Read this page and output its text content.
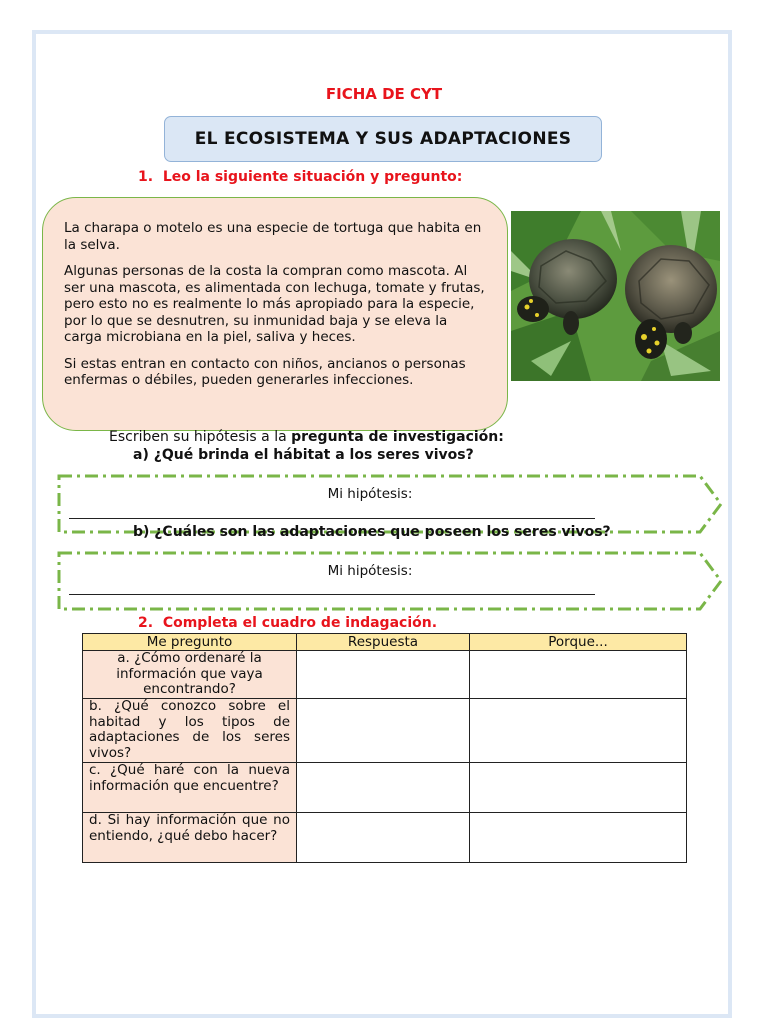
FICHA DE CYT
EL ECOSISTEMA Y SUS ADAPTACIONES
1. Leo la siguiente situación y pregunto:

La charapa o motelo es una especie de tortuga que habita en la selva.

Algunas personas de la costa la compran como mascota. Al ser una mascota, es alimentada con lechuga, tomate y frutas, pero esto no es realmente lo más apropiado para la especie, por lo que se desnutren, su inmunidad baja y se eleva la carga microbiana en la piel, saliva y heces.

Si estas entran en contacto con niños, ancianos o personas enfermas o débiles, pueden generarles infecciones.

Escriben su hipótesis a la pregunta de investigación:
a) ¿Qué brinda el hábitat a los seres vivos?
Mi hipótesis:
b) ¿Cuáles son las adaptaciones que poseen los seres vivos?
Mi hipótesis:
2. Completa el cuadro de indagación.
Me pregunto	Respuesta	Porque...
a. ¿Cómo ordenaré la información que vaya encontrando?		
b. ¿Qué conozco sobre el habitad y los tipos de adaptaciones de los seres vivos?		
c. ¿Qué haré con la nueva información que encuentre?		
d. Si hay información que no entiendo, ¿qué debo hacer?		
